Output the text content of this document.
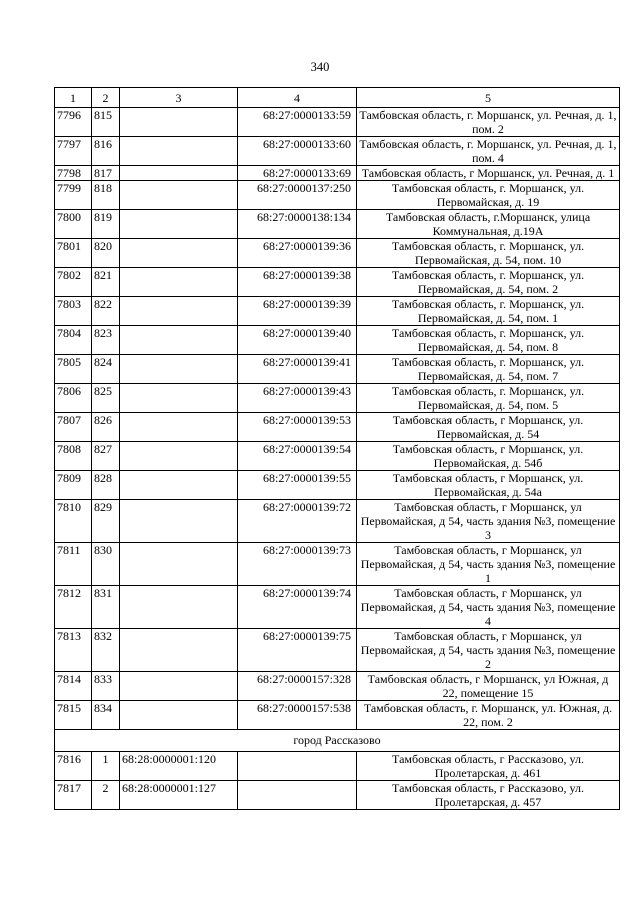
340
1	2	3	4	5
7796	815		68:27:0000133:59	Тамбовская область, г. Моршанск, ул. Речная, д. 1, пом. 2
7797	816		68:27:0000133:60	Тамбовская область, г. Моршанск, ул. Речная, д. 1, пом. 4
7798	817		68:27:0000133:69	Тамбовская область, г Моршанск, ул. Речная, д. 1
7799	818		68:27:0000137:250	Тамбовская область, г. Моршанск, ул. Первомайская, д. 19
7800	819		68:27:0000138:134	Тамбовская область, г.Моршанск, улица Коммунальная, д.19А
7801	820		68:27:0000139:36	Тамбовская область, г. Моршанск, ул. Первомайская, д. 54, пом. 10
7802	821		68:27:0000139:38	Тамбовская область, г. Моршанск, ул. Первомайская, д. 54, пом. 2
7803	822		68:27:0000139:39	Тамбовская область, г. Моршанск, ул. Первомайская, д. 54, пом. 1
7804	823		68:27:0000139:40	Тамбовская область, г. Моршанск, ул. Первомайская, д. 54, пом. 8
7805	824		68:27:0000139:41	Тамбовская область, г. Моршанск, ул. Первомайская, д. 54, пом. 7
7806	825		68:27:0000139:43	Тамбовская область, г. Моршанск, ул. Первомайская, д. 54, пом. 5
7807	826		68:27:0000139:53	Тамбовская область, г Моршанск, ул. Первомайская, д. 54
7808	827		68:27:0000139:54	Тамбовская область, г Моршанск, ул. Первомайская, д. 54б
7809	828		68:27:0000139:55	Тамбовская область, г Моршанск, ул. Первомайская, д. 54а
7810	829		68:27:0000139:72	Тамбовская область, г Моршанск, ул Первомайская, д 54, часть здания №3, помещение 3
7811	830		68:27:0000139:73	Тамбовская область, г Моршанск, ул Первомайская, д 54, часть здания №3, помещение 1
7812	831		68:27:0000139:74	Тамбовская область, г Моршанск, ул Первомайская, д 54, часть здания №3, помещение 4
7813	832		68:27:0000139:75	Тамбовская область, г Моршанск, ул Первомайская, д 54, часть здания №3, помещение 2
7814	833		68:27:0000157:328	Тамбовская область, г Моршанск, ул Южная, д 22, помещение 15
7815	834		68:27:0000157:538	Тамбовская область, г. Моршанск, ул. Южная, д. 22, пом. 2
город Рассказово				
7816	1	68:28:0000001:120		Тамбовская область, г Рассказово, ул. Пролетарская, д. 461
7817	2	68:28:0000001:127		Тамбовская область, г Рассказово, ул. Пролетарская, д. 457
